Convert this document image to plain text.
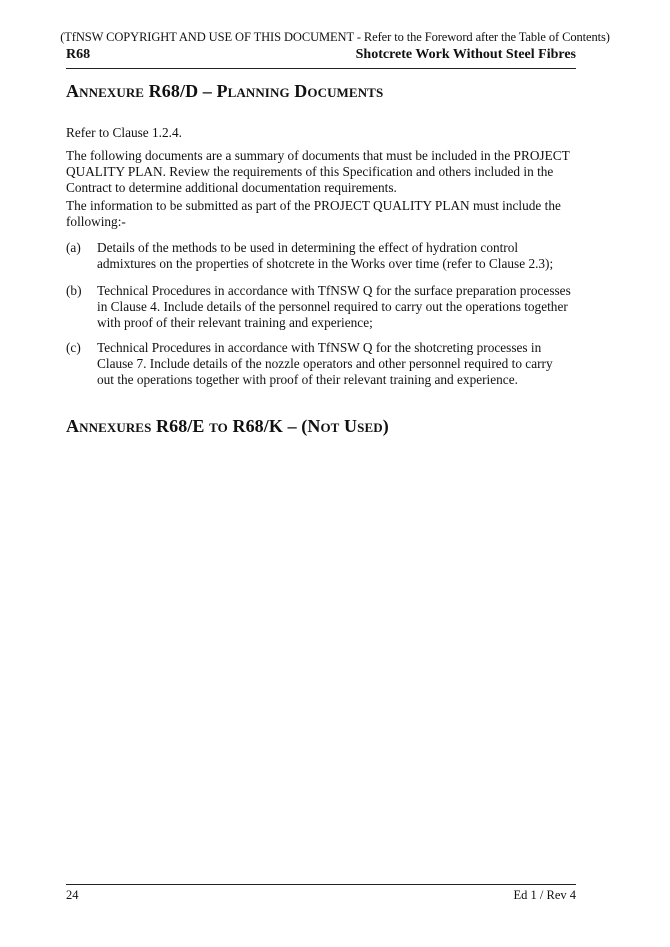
(TfNSW COPYRIGHT AND USE OF THIS DOCUMENT - Refer to the Foreword after the Table of Contents)
R68	Shotcrete Work Without Steel Fibres
Annexure R68/D – Planning Documents
Refer to Clause 1.2.4.
The following documents are a summary of documents that must be included in the PROJECT QUALITY PLAN. Review the requirements of this Specification and others included in the Contract to determine additional documentation requirements.
The information to be submitted as part of the PROJECT QUALITY PLAN must include the following:-
(a) Details of the methods to be used in determining the effect of hydration control admixtures on the properties of shotcrete in the Works over time (refer to Clause 2.3);
(b) Technical Procedures in accordance with TfNSW Q for the surface preparation processes in Clause 4. Include details of the personnel required to carry out the operations together with proof of their relevant training and experience;
(c) Technical Procedures in accordance with TfNSW Q for the shotcreting processes in Clause 7. Include details of the nozzle operators and other personnel required to carry out the operations together with proof of their relevant training and experience.
Annexures R68/E to R68/K – (Not Used)
24	Ed 1 / Rev 4
